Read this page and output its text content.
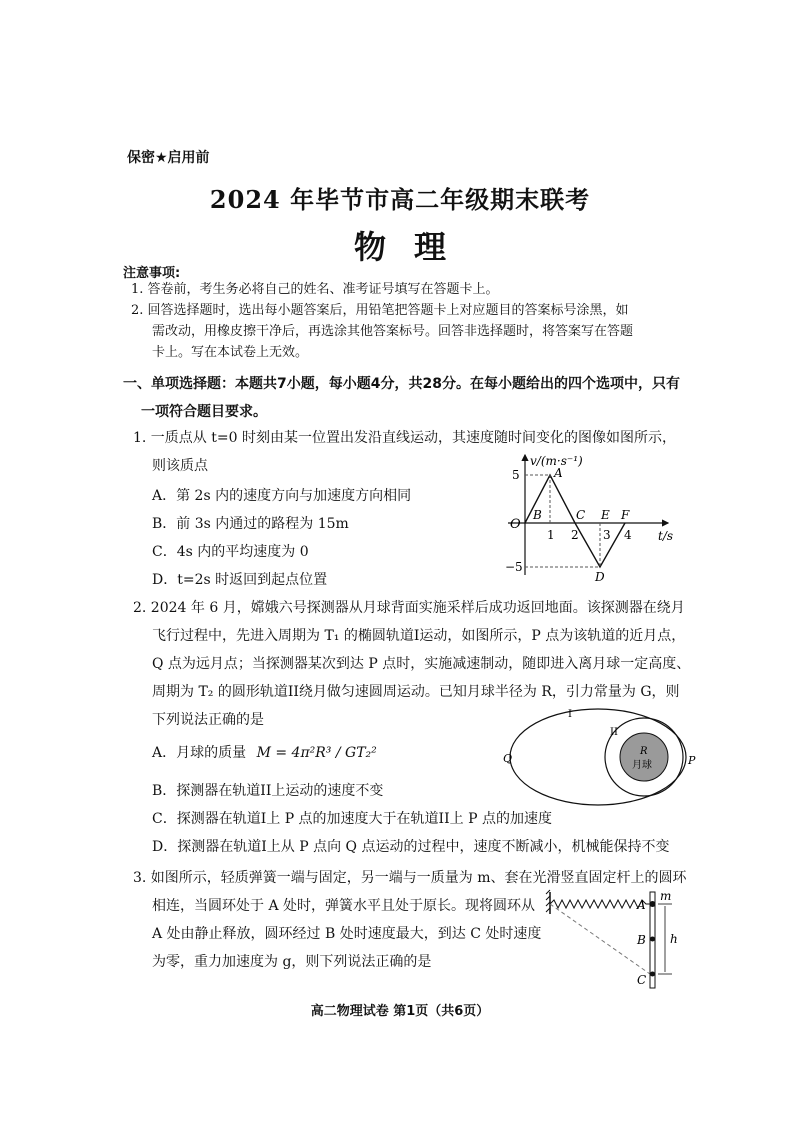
保密★启用前
2024 年毕节市高二年级期末联考
物理
注意事项:
1. 答卷前，考生务必将自己的姓名、准考证号填写在答题卡上。
2. 回答选择题时，选出每小题答案后，用铅笔把答题卡上对应题目的答案标号涂黑，如
需改动，用橡皮擦干净后，再选涂其他答案标号。回答非选择题时，将答案写在答题
卡上。写在本试卷上无效。
一、单项选择题：本题共7小题，每小题4分，共28分。在每小题给出的四个选项中，只有
一项符合题目要求。
1. 一质点从 t=0 时刻由某一位置出发沿直线运动，其速度随时间变化的图像如图所示，
则该质点
A．第 2s 内的速度方向与加速度方向相同
B．前 3s 内通过的路程为 15m
C．4s 内的平均速度为 0
D．t=2s 时返回到起点位置
v/(m·s⁻¹)
t/s
O
5
−5
1 2 3 4
A
B	C
D
E F
2. 2024 年 6 月，嫦娥六号探测器从月球背面实施采样后成功返回地面。该探测器在绕月
飞行过程中，先进入周期为 T₁ 的椭圆轨道I运动，如图所示，P 点为该轨道的近月点，
Q 点为远月点；当探测器某次到达 P 点时，实施减速制动，随即进入离月球一定高度、
周期为 T₂ 的圆形轨道II绕月做匀速圆周运动。已知月球半径为 R，引力常量为 G，则
下列说法正确的是
A．月球的质量 M = 4π²R³ / GT₂²
B．探测器在轨道II上运动的速度不变
C．探测器在轨道I上 P 点的加速度大于在轨道II上 P 点的加速度
D．探测器在轨道I上从 P 点向 Q 点运动的过程中，速度不断减小，机械能保持不变
I
II
Q	P
R
月球
3. 如图所示，轻质弹簧一端与固定，另一端与一质量为 m、套在光滑竖直固定杆上的圆环
相连，当圆环处于 A 处时，弹簧水平且处于原长。现将圆环从
A 处由静止释放，圆环经过 B 处时速度最大，到达 C 处时速度
为零，重力加速度为 g，则下列说法正确的是
A
B
C
m
h
高二物理试卷 第1页（共6页）
